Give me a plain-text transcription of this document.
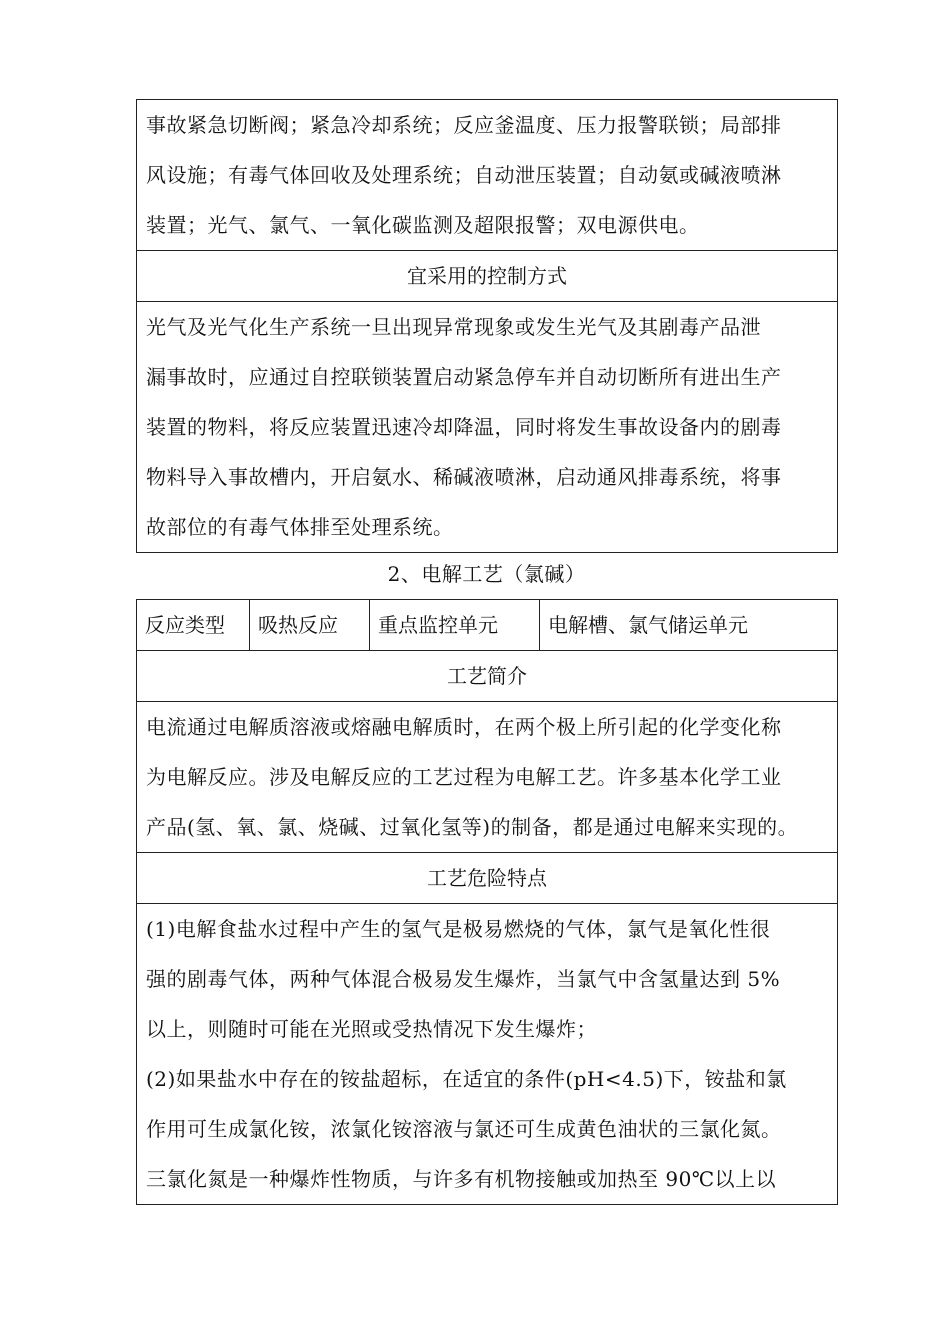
事故紧急切断阀；紧急冷却系统；反应釜温度、压力报警联锁；局部排
风设施；有毒气体回收及处理系统；自动泄压装置；自动氨或碱液喷淋
装置；光气、氯气、一氧化碳监测及超限报警；双电源供电。

宜采用的控制方式

光气及光气化生产系统一旦出现异常现象或发生光气及其剧毒产品泄
漏事故时，应通过自控联锁装置启动紧急停车并自动切断所有进出生产
装置的物料，将反应装置迅速冷却降温，同时将发生事故设备内的剧毒
物料导入事故槽内，开启氨水、稀碱液喷淋，启动通风排毒系统，将事
故部位的有毒气体排至处理系统。
2、电解工艺（氯碱）
反应类型	吸热反应	重点监控单元	电解槽、氯气储运单元
工艺简介

电流通过电解质溶液或熔融电解质时，在两个极上所引起的化学变化称
为电解反应。涉及电解反应的工艺过程为电解工艺。许多基本化学工业
产品(氢、氧、氯、烧碱、过氧化氢等)的制备，都是通过电解来实现的。

工艺危险特点

(1)电解食盐水过程中产生的氢气是极易燃烧的气体，氯气是氧化性很
强的剧毒气体，两种气体混合极易发生爆炸，当氯气中含氢量达到 5%
以上，则随时可能在光照或受热情况下发生爆炸；
(2)如果盐水中存在的铵盐超标，在适宜的条件(pH<4.5)下，铵盐和氯
作用可生成氯化铵，浓氯化铵溶液与氯还可生成黄色油状的三氯化氮。
三氯化氮是一种爆炸性物质，与许多有机物接触或加热至 90℃以上以
